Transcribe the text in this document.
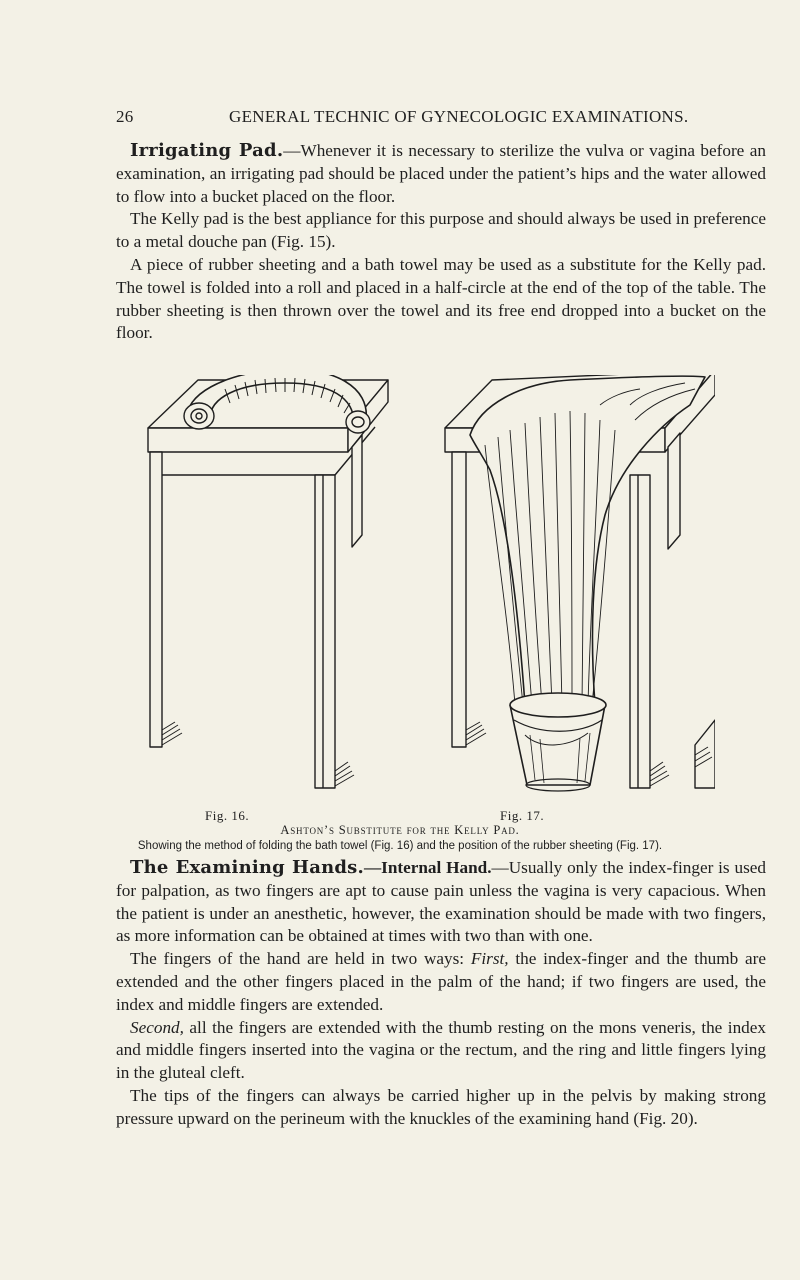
26	GENERAL TECHNIC OF GYNECOLOGIC EXAMINATIONS.

Irrigating Pad.—Whenever it is necessary to sterilize the vulva or vagina before an examination, an irrigating pad should be placed under the patient’s hips and the water allowed to flow into a bucket placed on the floor.

The Kelly pad is the best appliance for this purpose and should always be used in preference to a metal douche pan (Fig. 15).

A piece of rubber sheeting and a bath towel may be used as a substitute for the Kelly pad. The towel is folded into a roll and placed in a half-circle at the end of the top of the table. The rubber sheeting is then thrown over the towel and its free end dropped into a bucket on the floor.

Fig. 16.	Fig. 17.
Ashton’s Substitute for the Kelly Pad.
Showing the method of folding the bath towel (Fig. 16) and the position of the rubber sheeting (Fig. 17).

The Examining Hands.—Internal Hand.—Usually only the index-finger is used for palpation, as two fingers are apt to cause pain unless the vagina is very capacious. When the patient is under an anesthetic, however, the examination should be made with two fingers, as more information can be obtained at times with two than with one.

The fingers of the hand are held in two ways: First, the index-finger and the thumb are extended and the other fingers placed in the palm of the hand; if two fingers are used, the index and middle fingers are extended.

Second, all the fingers are extended with the thumb resting on the mons veneris, the index and middle fingers inserted into the vagina or the rectum, and the ring and little fingers lying in the gluteal cleft.

The tips of the fingers can always be carried higher up in the pelvis by making strong pressure upward on the perineum with the knuckles of the examining hand (Fig. 20).
